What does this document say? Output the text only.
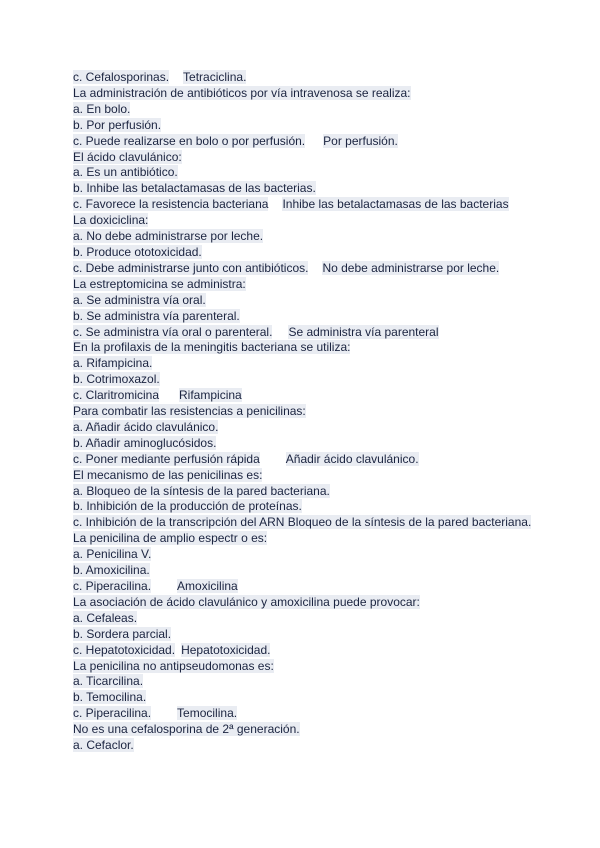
c. Cefalosporinas. Tetraciclina.
La administración de antibióticos por vía intravenosa se realiza:
a. En bolo.
b. Por perfusión.
c. Puede realizarse en bolo o por perfusión. Por perfusión.
El ácido clavulánico:
a. Es un antibiótico.
b. Inhibe las betalactamasas de las bacterias.
c. Favorece la resistencia bacteriana Inhibe las betalactamasas de las bacterias
La doxiciclina:
a. No debe administrarse por leche.
b. Produce ototoxicidad.
c. Debe administrarse junto con antibióticos. No debe administrarse por leche.
La estreptomicina se administra:
a. Se administra vía oral.
b. Se administra vía parenteral.
c. Se administra vía oral o parenteral. Se administra vía parenteral
En la profilaxis de la meningitis bacteriana se utiliza:
a. Rifampicina.
b. Cotrimoxazol.
c. Claritromicina Rifampicina
Para combatir las resistencias a penicilinas:
a. Añadir ácido clavulánico.
b. Añadir aminoglucósidos.
c. Poner mediante perfusión rápida Añadir ácido clavulánico.
El mecanismo de las penicilinas es:
a. Bloqueo de la síntesis de la pared bacteriana.
b. Inhibición de la producción de proteínas.
c. Inhibición de la transcripción del ARN Bloqueo de la síntesis de la pared bacteriana.
La penicilina de amplio espectr o es:
a. Penicilina V.
b. Amoxicilina.
c. Piperacilina. Amoxicilina
La asociación de ácido clavulánico y amoxicilina puede provocar:
a. Cefaleas.
b. Sordera parcial.
c. Hepatotoxicidad. Hepatotoxicidad.
La penicilina no antipseudomonas es:
a. Ticarcilina.
b. Temocilina.
c. Piperacilina. Temocilina.
No es una cefalosporina de 2ª generación.
a. Cefaclor.
